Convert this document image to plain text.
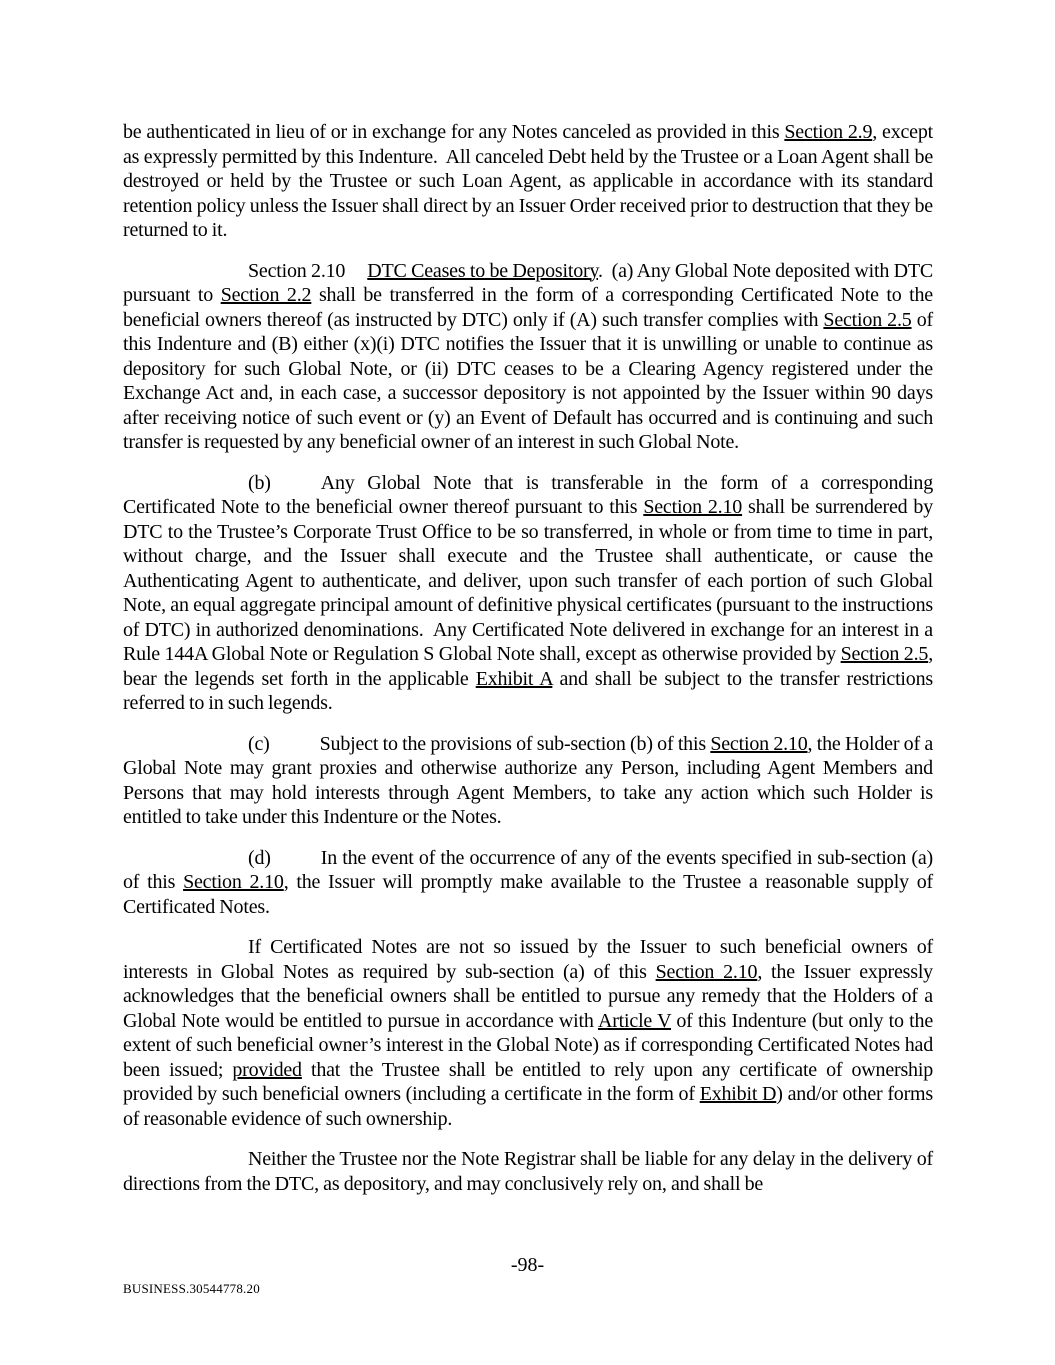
be authenticated in lieu of or in exchange for any Notes canceled as provided in this Section 2.9, except as expressly permitted by this Indenture.  All canceled Debt held by the Trustee or a Loan Agent shall be destroyed or held by the Trustee or such Loan Agent, as applicable in accordance with its standard retention policy unless the Issuer shall direct by an Issuer Order received prior to destruction that they be returned to it.

Section 2.10 DTC Ceases to be Depository.  (a) Any Global Note deposited with DTC pursuant to Section 2.2 shall be transferred in the form of a corresponding Certificated Note to the beneficial owners thereof (as instructed by DTC) only if (A) such transfer complies with Section 2.5 of this Indenture and (B) either (x)(i) DTC notifies the Issuer that it is unwilling or unable to continue as depository for such Global Note, or (ii) DTC ceases to be a Clearing Agency registered under the Exchange Act and, in each case, a successor depository is not appointed by the Issuer within 90 days after receiving notice of such event or (y) an Event of Default has occurred and is continuing and such transfer is requested by any beneficial owner of an interest in such Global Note.

(b)	Any Global Note that is transferable in the form of a corresponding Certificated Note to the beneficial owner thereof pursuant to this Section 2.10 shall be surrendered by DTC to the Trustee’s Corporate Trust Office to be so transferred, in whole or from time to time in part, without charge, and the Issuer shall execute and the Trustee shall authenticate, or cause the Authenticating Agent to authenticate, and deliver, upon such transfer of each portion of such Global Note, an equal aggregate principal amount of definitive physical certificates (pursuant to the instructions of DTC) in authorized denominations.  Any Certificated Note delivered in exchange for an interest in a Rule 144A Global Note or Regulation S Global Note shall, except as otherwise provided by Section 2.5, bear the legends set forth in the applicable Exhibit A and shall be subject to the transfer restrictions referred to in such legends.

(c)	Subject to the provisions of sub-section (b) of this Section 2.10, the Holder of a Global Note may grant proxies and otherwise authorize any Person, including Agent Members and Persons that may hold interests through Agent Members, to take any action which such Holder is entitled to take under this Indenture or the Notes.

(d)	In the event of the occurrence of any of the events specified in sub-section (a) of this Section 2.10, the Issuer will promptly make available to the Trustee a reasonable supply of Certificated Notes.

If Certificated Notes are not so issued by the Issuer to such beneficial owners of interests in Global Notes as required by sub-section (a) of this Section 2.10, the Issuer expressly acknowledges that the beneficial owners shall be entitled to pursue any remedy that the Holders of a Global Note would be entitled to pursue in accordance with Article V of this Indenture (but only to the extent of such beneficial owner’s interest in the Global Note) as if corresponding Certificated Notes had been issued; provided that the Trustee shall be entitled to rely upon any certificate of ownership provided by such beneficial owners (including a certificate in the form of Exhibit D) and/or other forms of reasonable evidence of such ownership.

Neither the Trustee nor the Note Registrar shall be liable for any delay in the delivery of directions from the DTC, as depository, and may conclusively rely on, and shall be

-98-
BUSINESS.30544778.20
